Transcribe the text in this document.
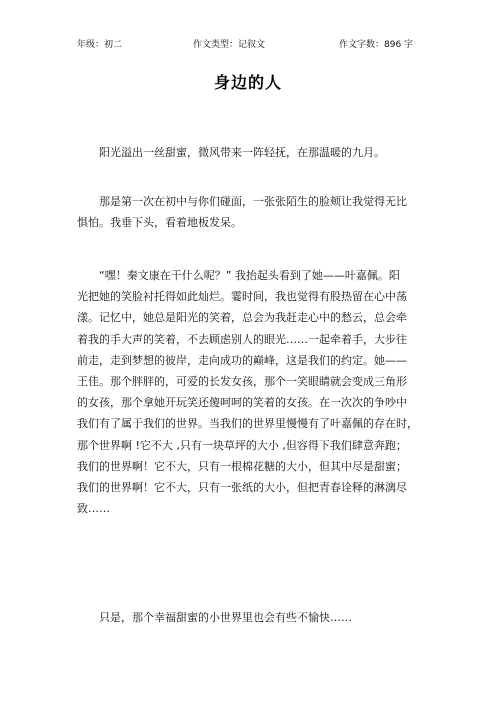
年级：初二	作文类型：记叙文	作文字数：896 字
身边的人
　　阳光溢出一丝甜蜜，微风带来一阵轻抚，在那温暖的九月。
　　那是第一次在初中与你们碰面，一张张陌生的脸颊让我觉得无比
惧怕。我垂下头，看着地板发呆。
　　“嘿！秦文康在干什么呢？” 我抬起头看到了她——叶嘉佩。阳
光把她的笑脸衬托得如此灿烂。霎时间，我也觉得有股热留在心中荡
漾。记忆中，她总是阳光的笑着，总会为我赶走心中的愁云，总会牵
着我的手大声的笑着，不去顾虑别人的眼光……一起牵着手，大步往
前走，走到梦想的彼岸，走向成功的巅峰，这是我们的约定。她——
王佳。那个胖胖的，可爱的长发女孩，那个一笑眼睛就会变成三角形
的女孩，那个拿她开玩笑还傻呵呵的笑着的女孩。在一次次的争吵中
我们有了属于我们的世界。当我们的世界里慢慢有了叶嘉佩的存在时，
那个世界啊 !它不大 ,只有一块草坪的大小 ,但容得下我们肆意奔跑；
我们的世界啊！它不大，只有一根棉花糖的大小，但其中尽是甜蜜；
我们的世界啊！它不大，只有一张纸的大小，但把青春诠释的淋漓尽
致……
　　只是，那个幸福甜蜜的小世界里也会有些不愉快……
